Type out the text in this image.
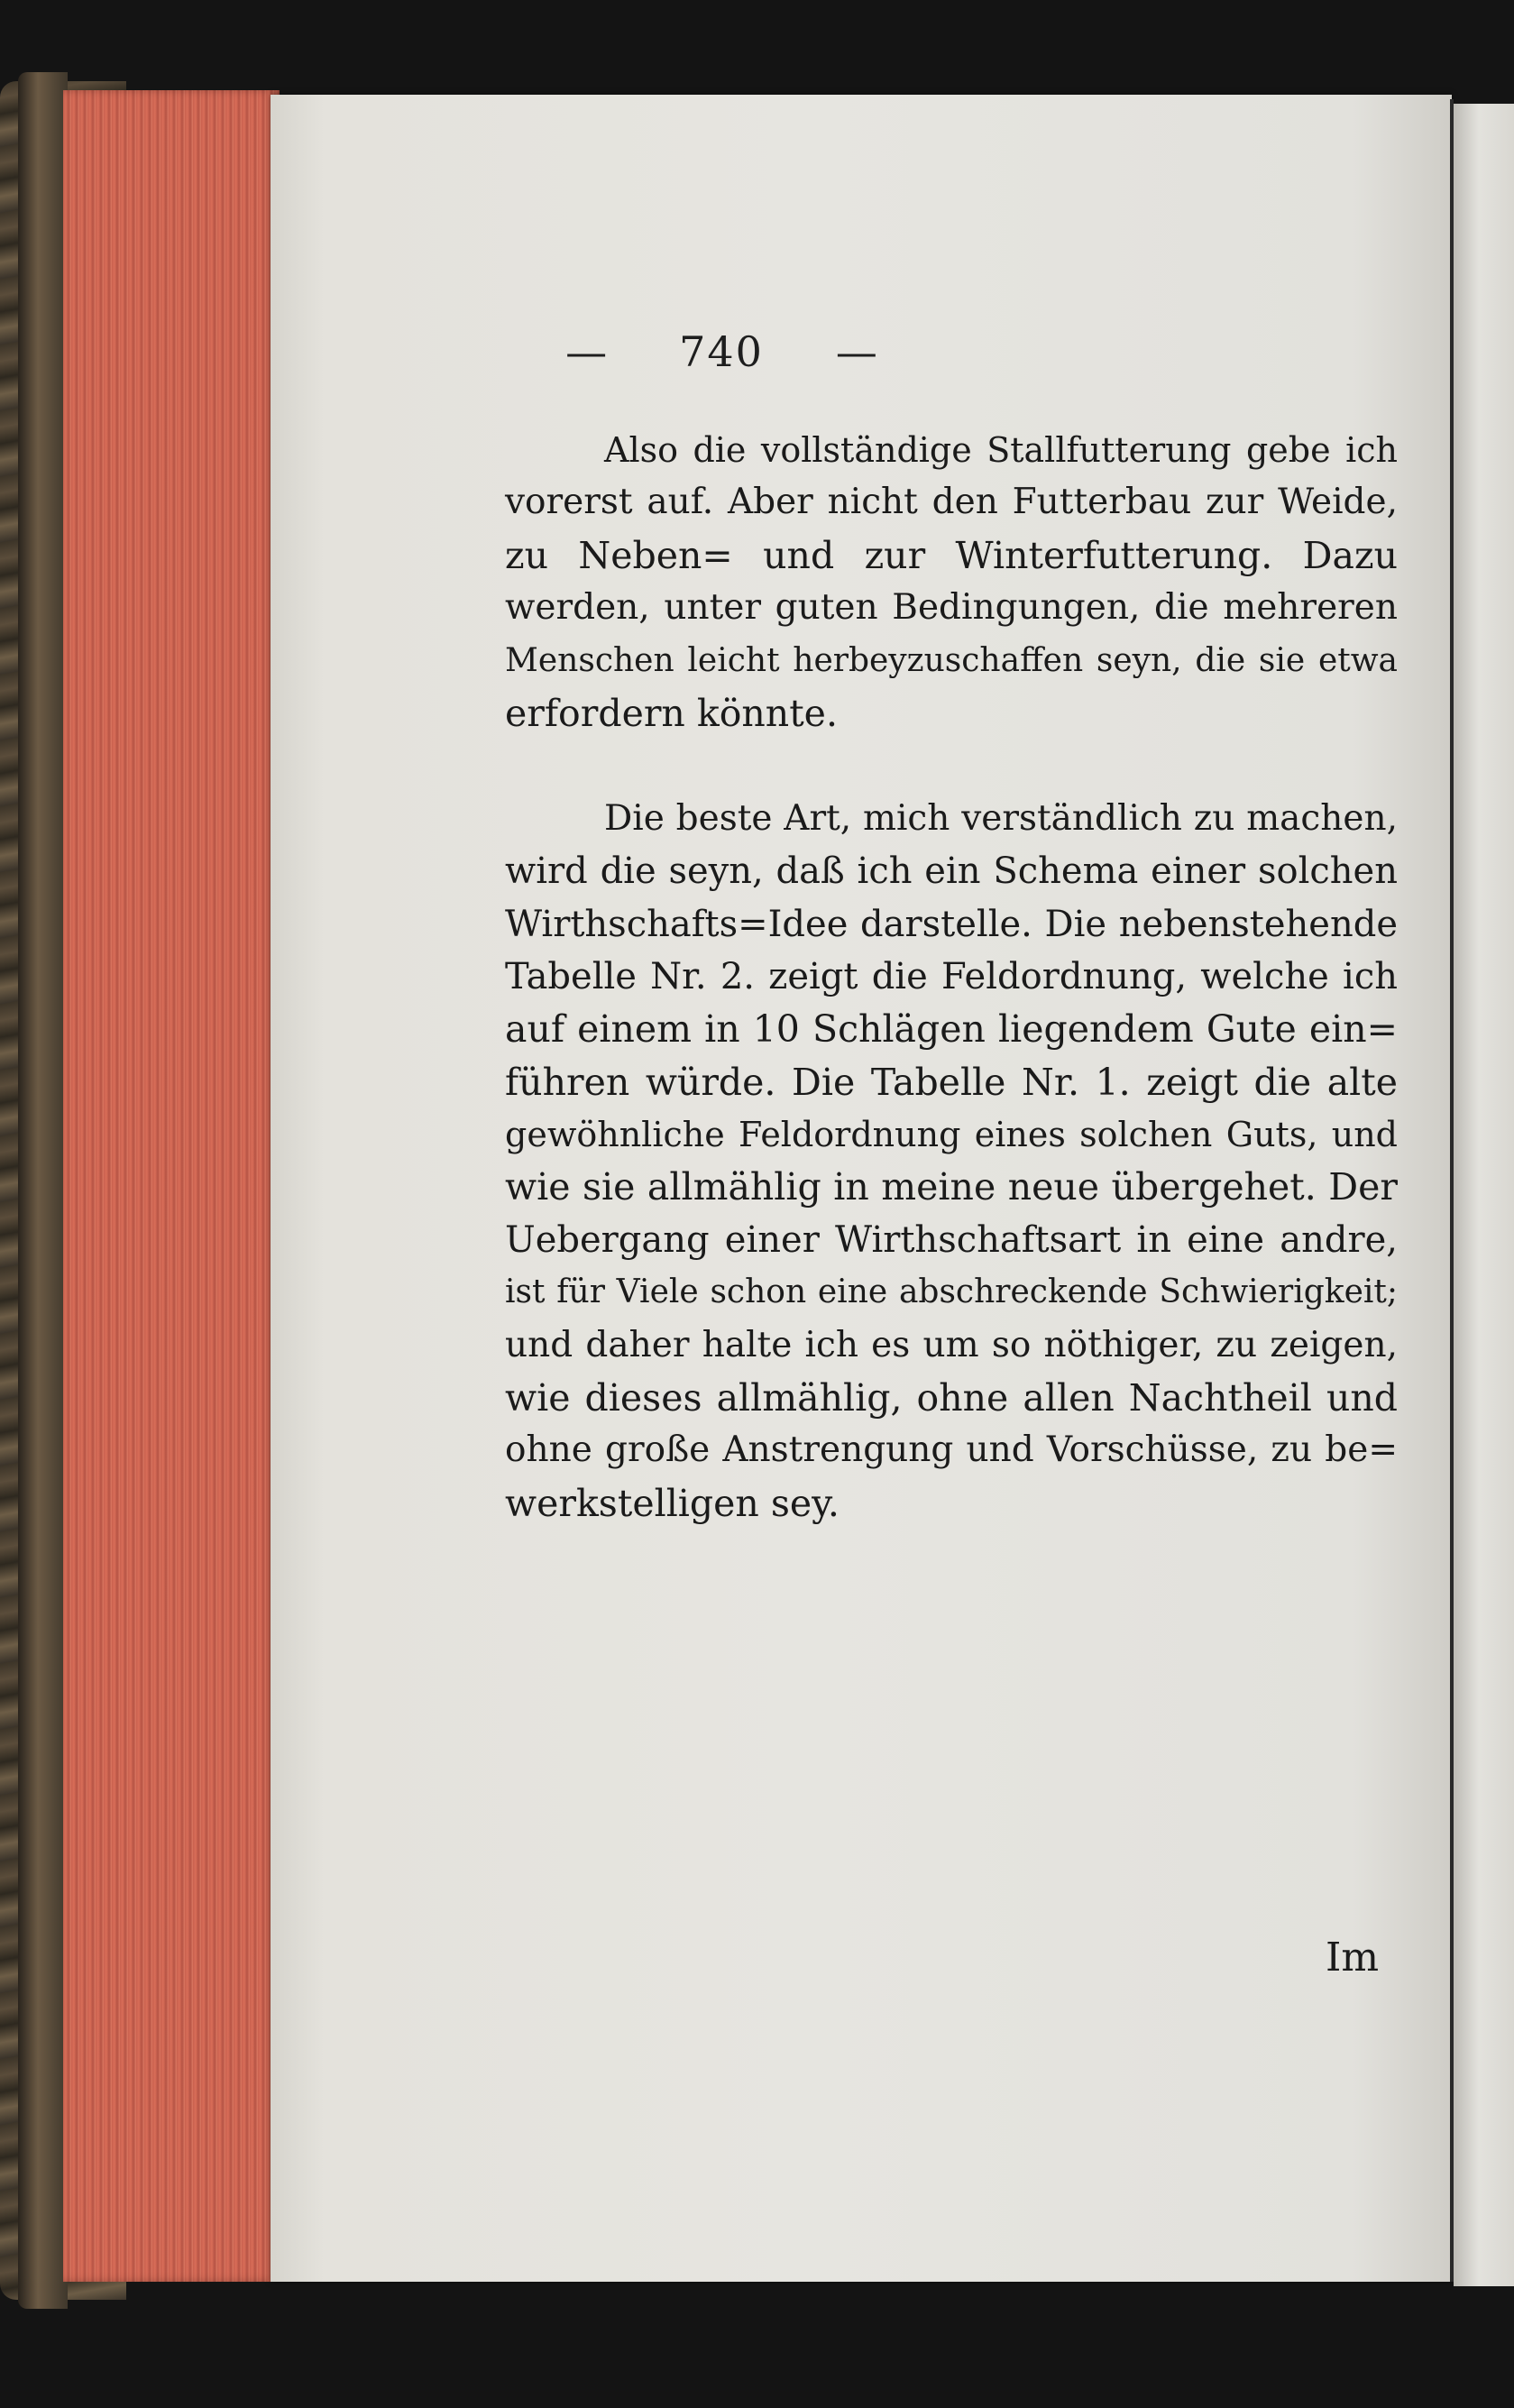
— 740 —
Also die vollständige Stallfutterung gebe ich
vorerst auf. Aber nicht den Futterbau zur Weide,
zu Neben= und zur Winterfutterung. Dazu
werden, unter guten Bedingungen, die mehreren
Menschen leicht herbeyzuschaffen seyn, die sie etwa
erfordern könnte.
Die beste Art, mich verständlich zu machen,
wird die seyn, daß ich ein Schema einer solchen
Wirthschafts=Idee darstelle. Die nebenstehende
Tabelle Nr. 2. zeigt die Feldordnung, welche ich
auf einem in 10 Schlägen liegendem Gute ein=
führen würde. Die Tabelle Nr. 1. zeigt die alte
gewöhnliche Feldordnung eines solchen Guts, und
wie sie allmählig in meine neue übergehet. Der
Uebergang einer Wirthschaftsart in eine andre,
ist für Viele schon eine abschreckende Schwierigkeit;
und daher halte ich es um so nöthiger, zu zeigen,
wie dieses allmählig, ohne allen Nachtheil und
ohne große Anstrengung und Vorschüsse, zu be=
werkstelligen sey.
Im
